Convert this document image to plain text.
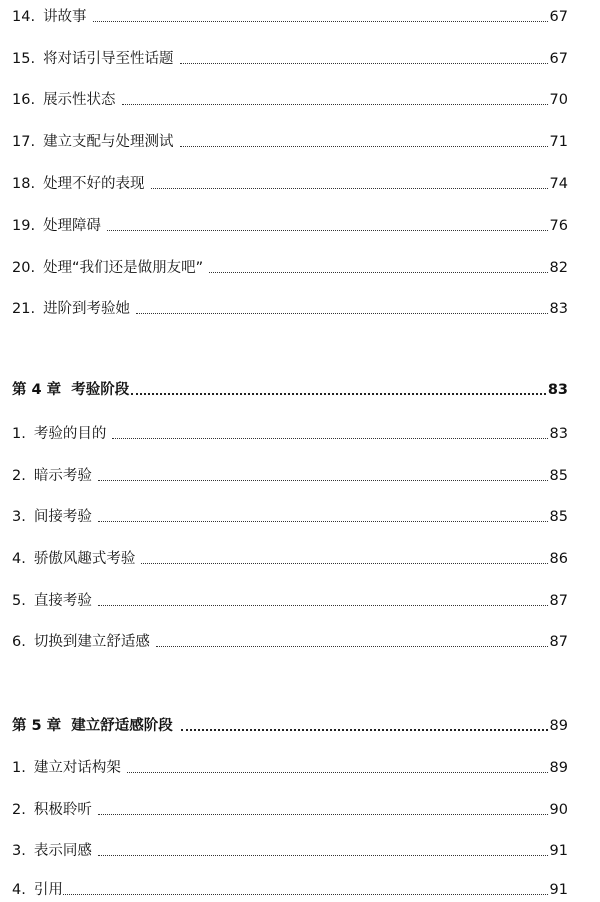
14. 讲故事	67
15. 将对话引导至性话题	67
16. 展示性状态	70
17. 建立支配与处理测试	71
18. 处理不好的表现	74
19. 处理障碍	76
20. 处理“我们还是做朋友吧”	82
21. 进阶到考验她	83
第 4 章  考验阶段	83
1. 考验的目的	83
2. 暗示考验	85
3. 间接考验	85
4. 骄傲风趣式考验	86
5. 直接考验	87
6. 切换到建立舒适感	87
第 5 章  建立舒适感阶段	89
1. 建立对话构架	89
2. 积极聆听	90
3. 表示同感	91
4. 引用	91
